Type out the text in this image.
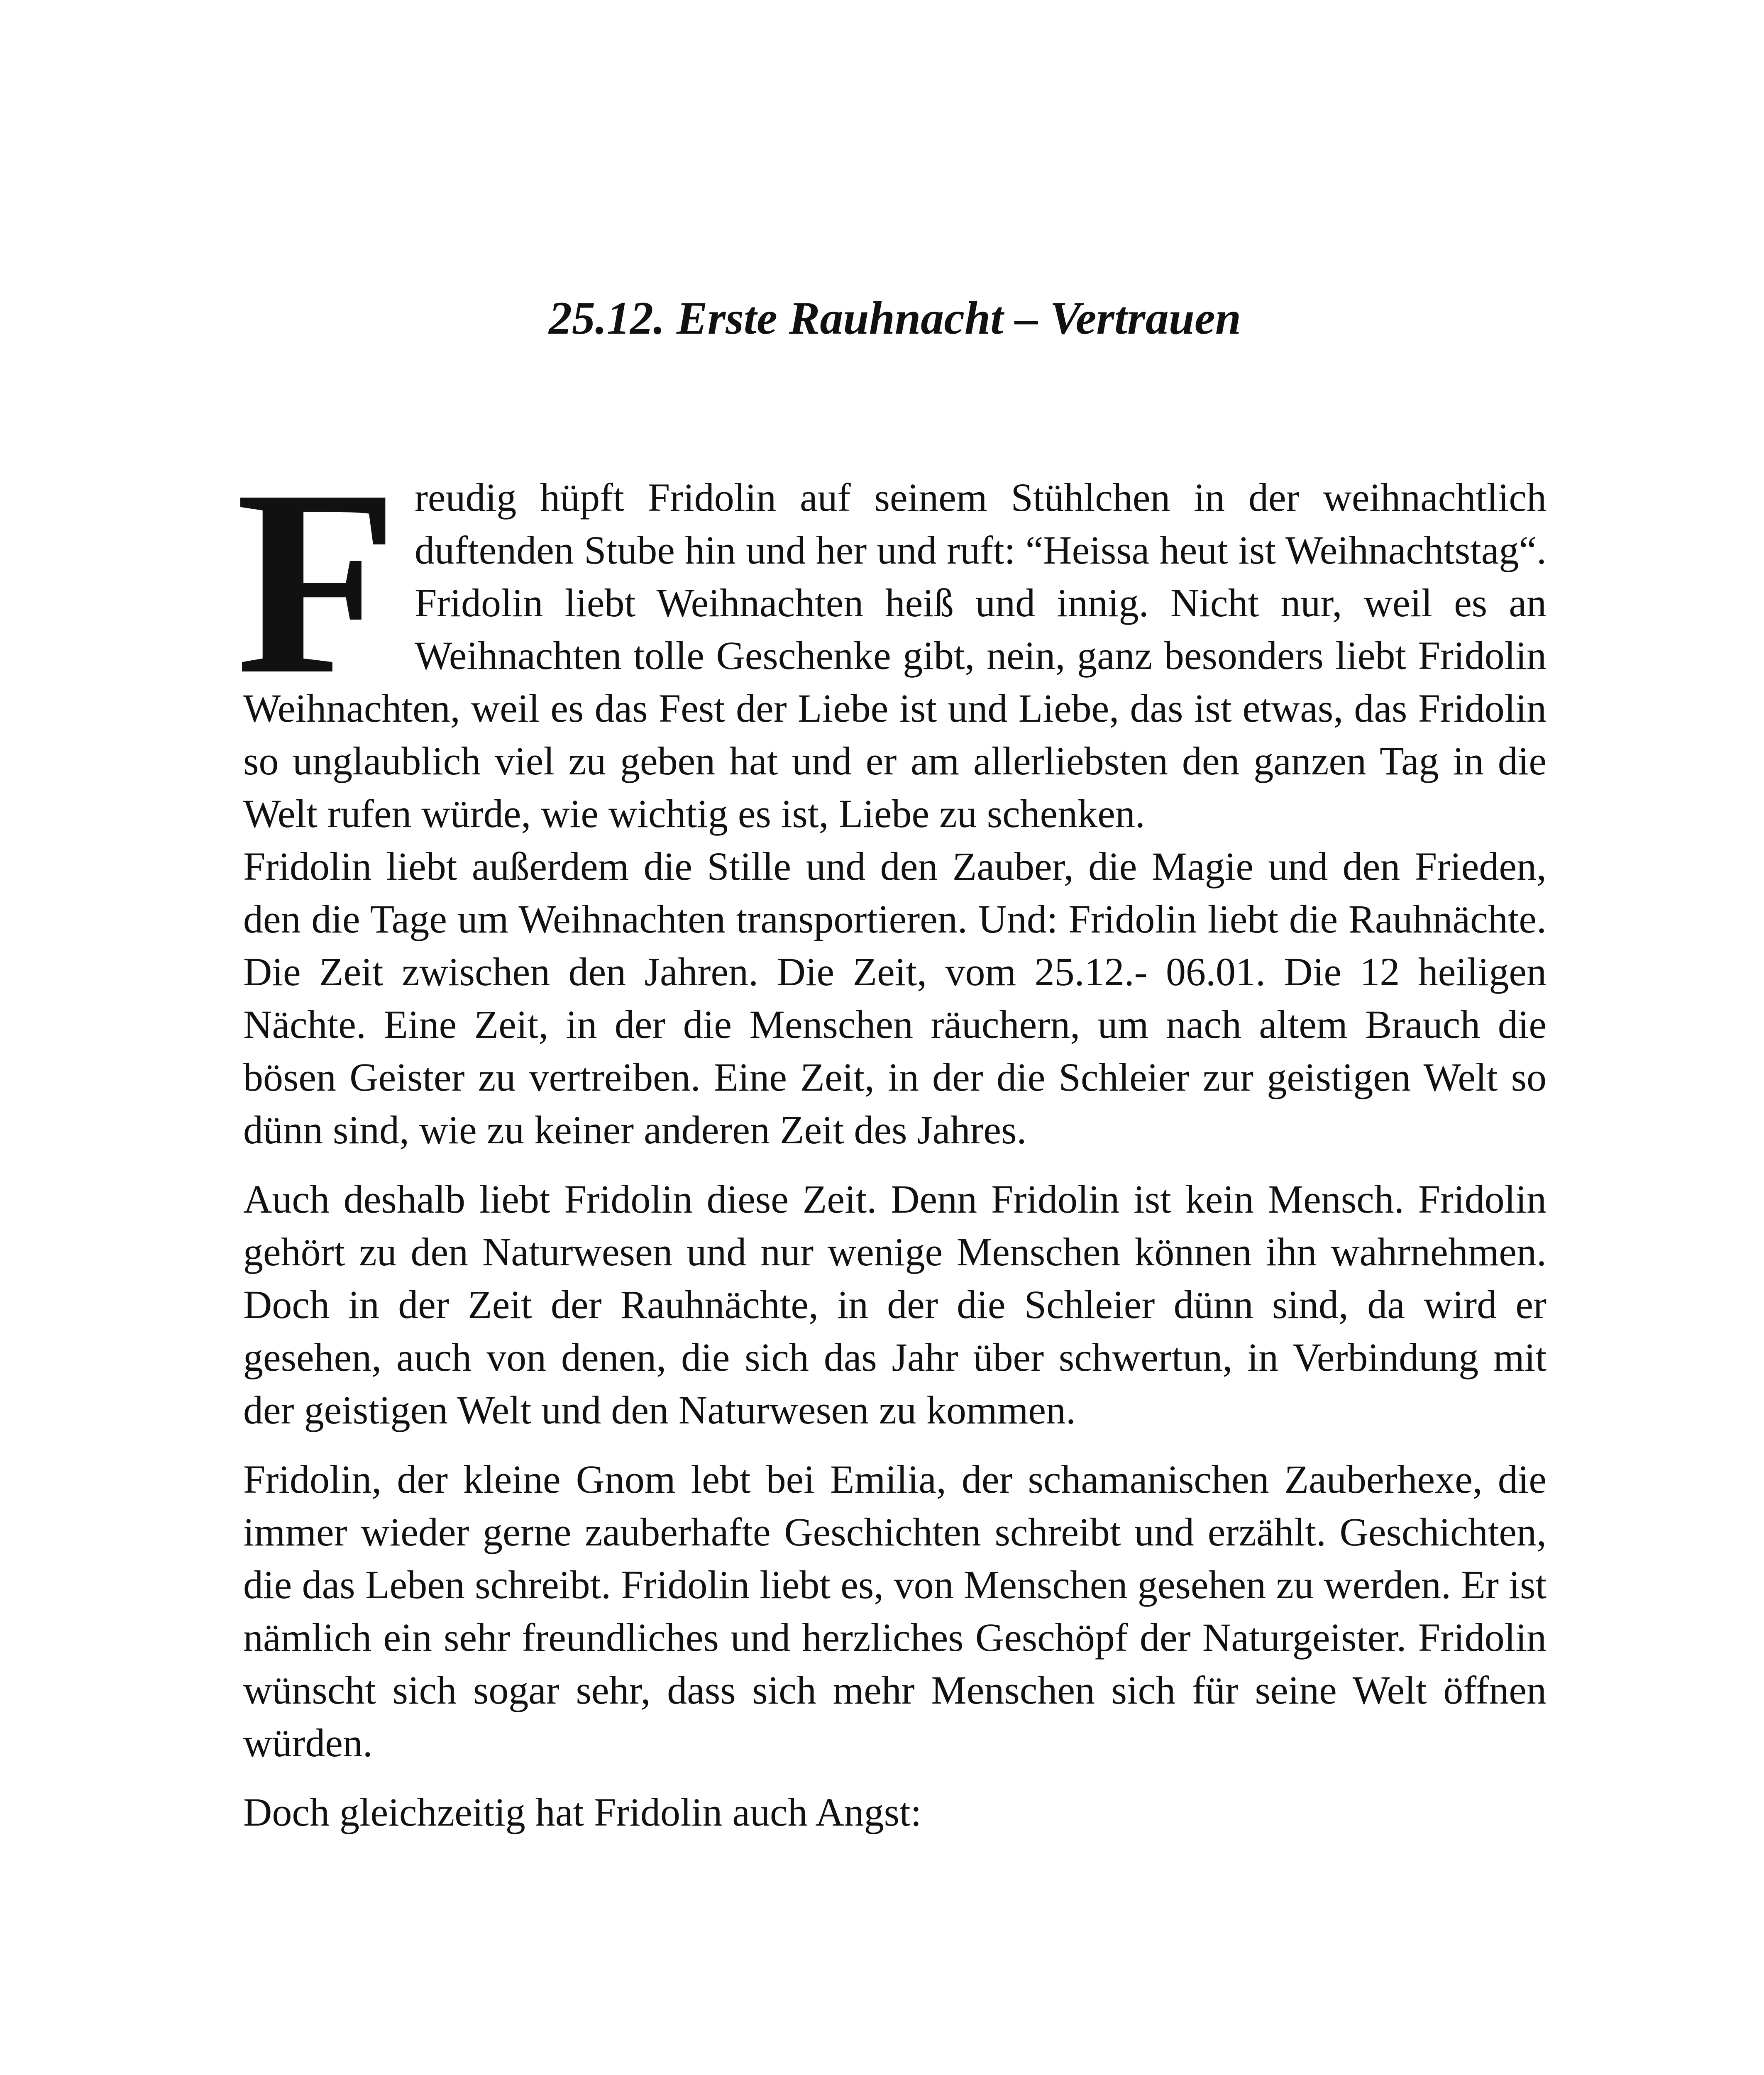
25.12. Erste Rauhnacht – Vertrauen

Freudig hüpft Fridolin auf seinem Stühlchen in der weihnachtlich duftenden Stube hin und her und ruft: “Heissa heut ist Weihnachtstag“. Fridolin liebt Weihnachten heiß und innig. Nicht nur, weil es an Weihnachten tolle Geschenke gibt, nein, ganz besonders liebt Fridolin Weihnachten, weil es das Fest der Liebe ist und Liebe, das ist etwas, das Fridolin so unglaublich viel zu geben hat und er am allerliebsten den ganzen Tag in die Welt rufen würde, wie wichtig es ist, Liebe zu schenken.

Fridolin liebt außerdem die Stille und den Zauber, die Magie und den Frieden, den die Tage um Weihnachten transportieren. Und: Fridolin liebt die Rauhnächte. Die Zeit zwischen den Jahren. Die Zeit, vom 25.12.- 06.01. Die 12 heiligen Nächte. Eine Zeit, in der die Menschen räuchern, um nach altem Brauch die bösen Geister zu vertreiben. Eine Zeit, in der die Schleier zur geistigen Welt so dünn sind, wie zu keiner anderen Zeit des Jahres.

Auch deshalb liebt Fridolin diese Zeit. Denn Fridolin ist kein Mensch. Fridolin gehört zu den Naturwesen und nur wenige Menschen können ihn wahrnehmen. Doch in der Zeit der Rauhnächte, in der die Schleier dünn sind, da wird er gesehen, auch von denen, die sich das Jahr über schwertun, in Verbindung mit der geistigen Welt und den Naturwesen zu kommen.

Fridolin, der kleine Gnom lebt bei Emilia, der schamanischen Zauberhexe, die immer wieder gerne zauberhafte Geschichten schreibt und erzählt. Geschichten, die das Leben schreibt. Fridolin liebt es, von Menschen gesehen zu werden. Er ist nämlich ein sehr freundliches und herzliches Geschöpf der Naturgeister. Fridolin wünscht sich sogar sehr, dass sich mehr Menschen sich für seine Welt öffnen würden.

Doch gleichzeitig hat Fridolin auch Angst:
